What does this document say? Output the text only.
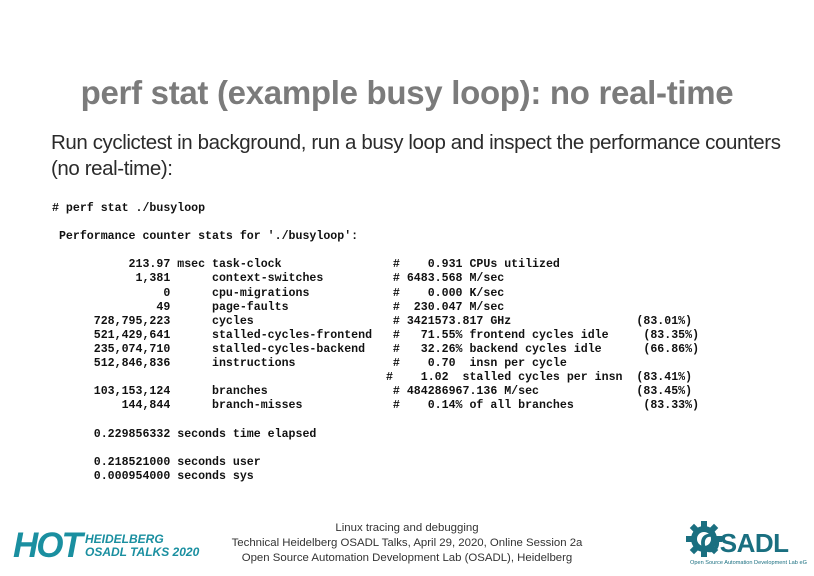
perf stat (example busy loop): no real-time
Run cyclictest in background, run a busy loop and inspect the performance counters (no real-time):
# perf stat ./busyloop
Performance counter stats for './busyloop':
213.97 msec task-clock                #    0.931 CPUs utilized
1,381      context-switches          # 6483.568 M/sec
0      cpu-migrations            #    0.000 K/sec
49      page-faults               #  230.047 M/sec
728,795,223      cycles                    # 3421573.817 GHz                  (83.01%)
521,429,641      stalled-cycles-frontend   #   71.55% frontend cycles idle     (83.35%)
235,074,710      stalled-cycles-backend    #   32.26% backend cycles idle      (66.86%)
512,846,836      instructions              #    0.70  insn per cycle
#    1.02  stalled cycles per insn  (83.41%)
103,153,124      branches                  # 484286967.136 M/sec              (83.45%)
144,844      branch-misses             #    0.14% of all branches          (83.33%)
0.229856332 seconds time elapsed
0.218521000 seconds user
0.000954000 seconds sys
HOT HEIDELBERG
OSADL TALKS 2020
Linux tracing and debugging
Technical Heidelberg OSADL Talks, April 29, 2020, Online Session 2a
Open Source Automation Development Lab (OSADL), Heidelberg	OSADL
Open Source Automation Development Lab eG
